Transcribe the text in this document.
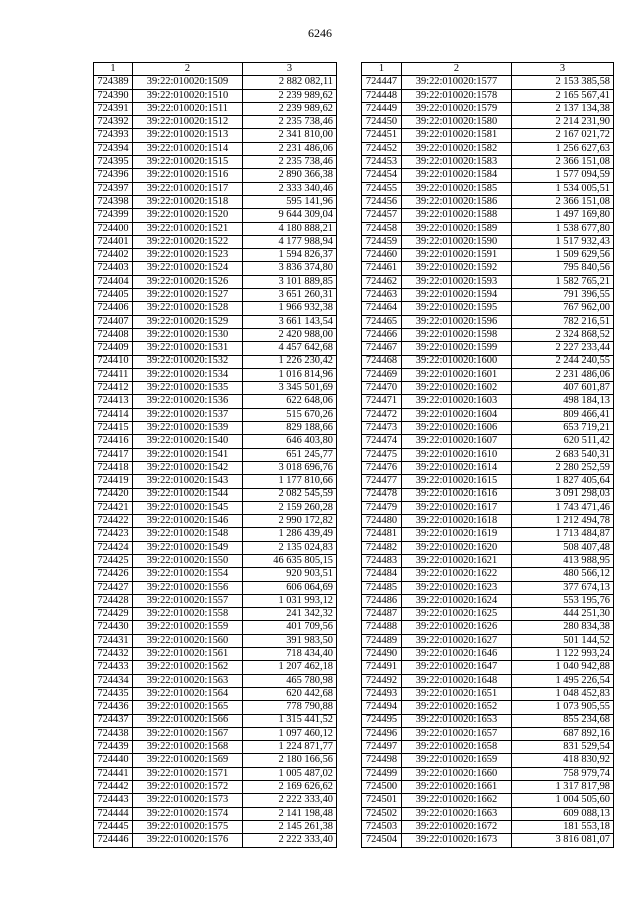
6246
1	2	3
724389	39:22:010020:1509	2 882 082,11
724390	39:22:010020:1510	2 239 989,62
724391	39:22:010020:1511	2 239 989,62
724392	39:22:010020:1512	2 235 738,46
724393	39:22:010020:1513	2 341 810,00
724394	39:22:010020:1514	2 231 486,06
724395	39:22:010020:1515	2 235 738,46
724396	39:22:010020:1516	2 890 366,38
724397	39:22:010020:1517	2 333 340,46
724398	39:22:010020:1518	595 141,96
724399	39:22:010020:1520	9 644 309,04
724400	39:22:010020:1521	4 180 888,21
724401	39:22:010020:1522	4 177 988,94
724402	39:22:010020:1523	1 594 826,37
724403	39:22:010020:1524	3 836 374,80
724404	39:22:010020:1526	3 101 889,85
724405	39:22:010020:1527	3 651 260,31
724406	39:22:010020:1528	1 966 932,38
724407	39:22:010020:1529	3 661 143,54
724408	39:22:010020:1530	2 420 988,00
724409	39:22:010020:1531	4 457 642,68
724410	39:22:010020:1532	1 226 230,42
724411	39:22:010020:1534	1 016 814,96
724412	39:22:010020:1535	3 345 501,69
724413	39:22:010020:1536	622 648,06
724414	39:22:010020:1537	515 670,26
724415	39:22:010020:1539	829 188,66
724416	39:22:010020:1540	646 403,80
724417	39:22:010020:1541	651 245,77
724418	39:22:010020:1542	3 018 696,76
724419	39:22:010020:1543	1 177 810,66
724420	39:22:010020:1544	2 082 545,59
724421	39:22:010020:1545	2 159 260,28
724422	39:22:010020:1546	2 990 172,82
724423	39:22:010020:1548	1 286 439,49
724424	39:22:010020:1549	2 135 024,83
724425	39:22:010020:1550	46 635 805,15
724426	39:22:010020:1554	920 903,51
724427	39:22:010020:1556	606 064,69
724428	39:22:010020:1557	1 031 993,12
724429	39:22:010020:1558	241 342,32
724430	39:22:010020:1559	401 709,56
724431	39:22:010020:1560	391 983,50
724432	39:22:010020:1561	718 434,40
724433	39:22:010020:1562	1 207 462,18
724434	39:22:010020:1563	465 780,98
724435	39:22:010020:1564	620 442,68
724436	39:22:010020:1565	778 790,88
724437	39:22:010020:1566	1 315 441,52
724438	39:22:010020:1567	1 097 460,12
724439	39:22:010020:1568	1 224 871,77
724440	39:22:010020:1569	2 180 166,56
724441	39:22:010020:1571	1 005 487,02
724442	39:22:010020:1572	2 169 626,62
724443	39:22:010020:1573	2 222 333,40
724444	39:22:010020:1574	2 141 198,48
724445	39:22:010020:1575	2 145 261,38
724446	39:22:010020:1576	2 222 333,40
1	2	3
724447	39:22:010020:1577	2 153 385,58
724448	39:22:010020:1578	2 165 567,41
724449	39:22:010020:1579	2 137 134,38
724450	39:22:010020:1580	2 214 231,90
724451	39:22:010020:1581	2 167 021,72
724452	39:22:010020:1582	1 256 627,63
724453	39:22:010020:1583	2 366 151,08
724454	39:22:010020:1584	1 577 094,59
724455	39:22:010020:1585	1 534 005,51
724456	39:22:010020:1586	2 366 151,08
724457	39:22:010020:1588	1 497 169,80
724458	39:22:010020:1589	1 538 677,80
724459	39:22:010020:1590	1 517 932,43
724460	39:22:010020:1591	1 509 629,56
724461	39:22:010020:1592	795 840,56
724462	39:22:010020:1593	1 582 765,21
724463	39:22:010020:1594	791 396,55
724464	39:22:010020:1595	767 962,00
724465	39:22:010020:1596	782 216,51
724466	39:22:010020:1598	2 324 868,52
724467	39:22:010020:1599	2 227 233,44
724468	39:22:010020:1600	2 244 240,55
724469	39:22:010020:1601	2 231 486,06
724470	39:22:010020:1602	407 601,87
724471	39:22:010020:1603	498 184,13
724472	39:22:010020:1604	809 466,41
724473	39:22:010020:1606	653 719,21
724474	39:22:010020:1607	620 511,42
724475	39:22:010020:1610	2 683 540,31
724476	39:22:010020:1614	2 280 252,59
724477	39:22:010020:1615	1 827 405,64
724478	39:22:010020:1616	3 091 298,03
724479	39:22:010020:1617	1 743 471,46
724480	39:22:010020:1618	1 212 494,78
724481	39:22:010020:1619	1 713 484,87
724482	39:22:010020:1620	508 407,48
724483	39:22:010020:1621	413 988,95
724484	39:22:010020:1622	480 566,12
724485	39:22:010020:1623	377 674,13
724486	39:22:010020:1624	553 195,76
724487	39:22:010020:1625	444 251,30
724488	39:22:010020:1626	280 834,38
724489	39:22:010020:1627	501 144,52
724490	39:22:010020:1646	1 122 993,24
724491	39:22:010020:1647	1 040 942,88
724492	39:22:010020:1648	1 495 226,54
724493	39:22:010020:1651	1 048 452,83
724494	39:22:010020:1652	1 073 905,55
724495	39:22:010020:1653	855 234,68
724496	39:22:010020:1657	687 892,16
724497	39:22:010020:1658	831 529,54
724498	39:22:010020:1659	418 830,92
724499	39:22:010020:1660	758 979,74
724500	39:22:010020:1661	1 317 817,98
724501	39:22:010020:1662	1 004 505,60
724502	39:22:010020:1663	609 088,13
724503	39:22:010020:1672	181 553,18
724504	39:22:010020:1673	3 816 081,07
